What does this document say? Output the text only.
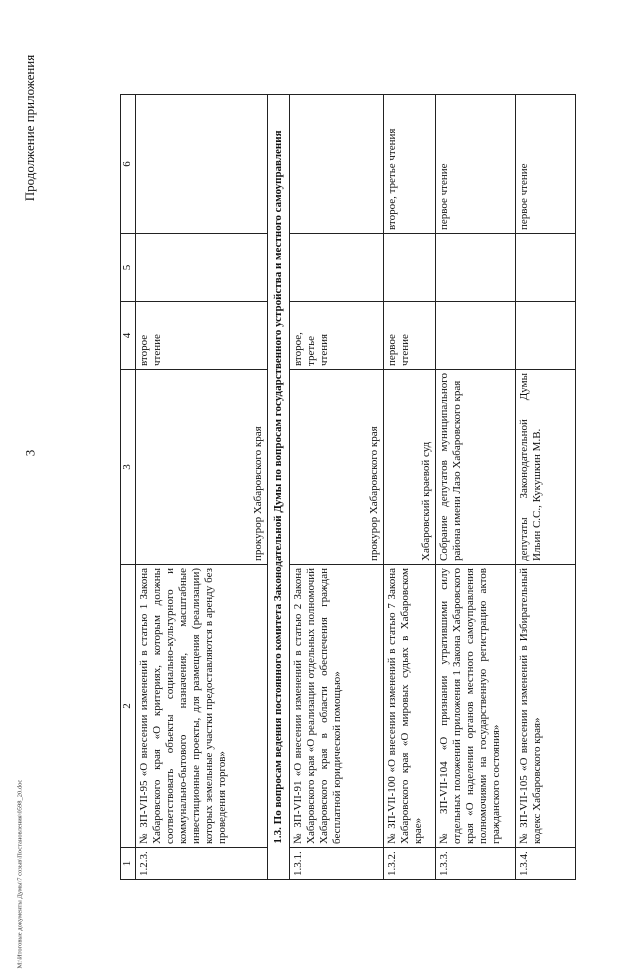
3
Продолжение приложения
M:\Итоговые документы Думы\7 созыв\Постановления\0598_20.doc	1	2	3	4	5	6
1.2.3.	№ ЗП-VII-95 «О внесении изменений в статью 1 Закона Хабаровского края «О критериях, которым должны соответствовать объекты социально-культурного и коммунально-бытового назначения, масштабные инвестиционные проекты, для размещения (реализации) которых земельные участки предоставляются в аренду без проведения торгов»	прокурор Хабаровского края	второе чтение		
1.3. По вопросам ведения постоянного комитета Законодательной Думы по вопросам государственного устройства и местного самоуправления					
1.3.1.	№ ЗП-VII-91 «О внесении изменений в статью 2 Закона Хабаровского края «О реализации отдельных полномочий Хабаровского края в области обеспечения граждан бесплатной юридической помощью»	прокурор Хабаровского края	второе, третье чтения		
1.3.2.	№ ЗП-VII-100 «О внесении изменений в статью 7 Закона Хабаровского края «О мировых судьях в Хабаровском крае»	Хабаровский краевой суд	первое чтение		второе, третье чтения
1.3.3.	№ ЗП-VII-104 «О признании утратившими силу отдельных положений приложения 1 Закона Хабаровского края «О наделении органов местного самоуправления полномочиями на государственную регистрацию актов гражданского состояния»	Собрание депутатов муниципального района имени Лазо Хабаровского края			первое чтение
1.3.4.	№ ЗП-VII-105 «О внесении изменений в Избирательный кодекс Хабаровского края»	депутаты Законодательной Думы Ильин С.С., Кукушкин М.В.			первое чтение
